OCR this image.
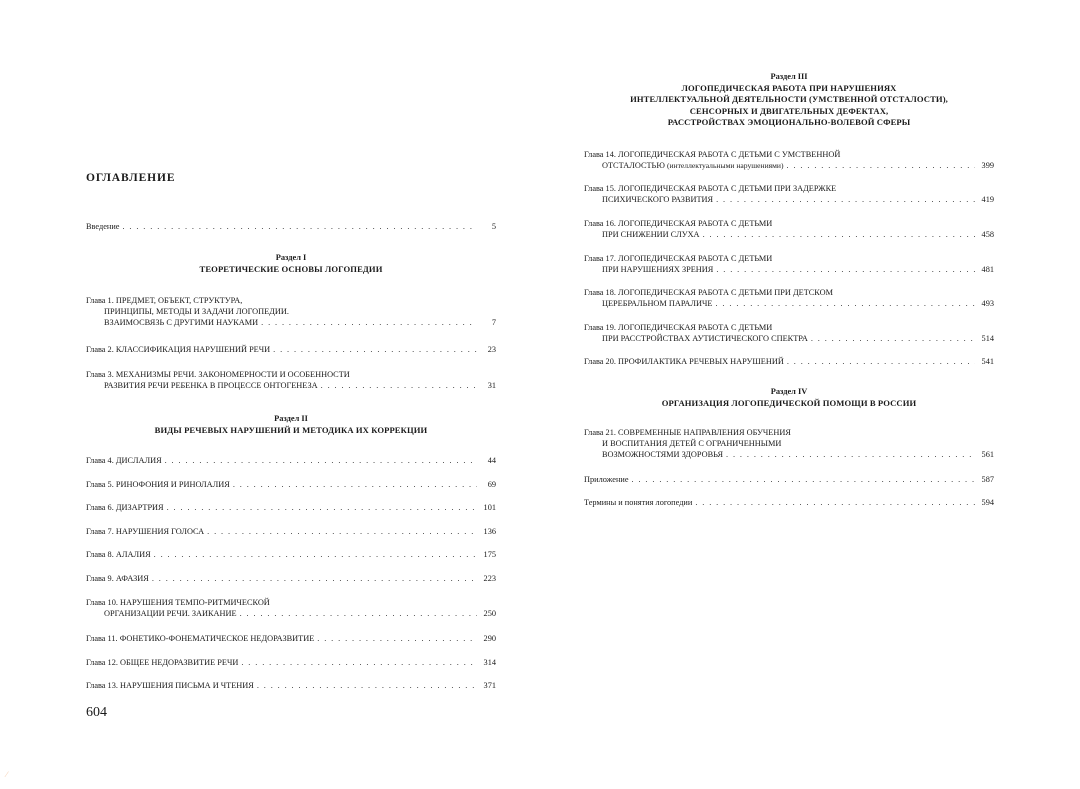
ОГЛАВЛЕНИЕ
Введение . . .	5
Раздел I
ТЕОРЕТИЧЕСКИЕ ОСНОВЫ ЛОГОПЕДИИ
Глава 1. ПРЕДМЕТ, ОБЪЕКТ, СТРУКТУРА,
ПРИНЦИПЫ, МЕТОДЫ И ЗАДАЧИ ЛОГОПЕДИИ.
ВЗАИМОСВЯЗЬ С ДРУГИМИ НАУКАМИ . . .	7
Глава 2. КЛАССИФИКАЦИЯ НАРУШЕНИЙ РЕЧИ . . .	23
Глава 3. МЕХАНИЗМЫ РЕЧИ. ЗАКОНОМЕРНОСТИ И ОСОБЕННОСТИ
РАЗВИТИЯ РЕЧИ РЕБЕНКА В ПРОЦЕССЕ ОНТОГЕНЕЗА . . .	31
Раздел II
ВИДЫ РЕЧЕВЫХ НАРУШЕНИЙ И МЕТОДИКА ИХ КОРРЕКЦИИ
Глава 4. ДИСЛАЛИЯ . . .	44
Глава 5. РИНОФОНИЯ И РИНОЛАЛИЯ . . .	69
Глава 6. ДИЗАРТРИЯ . . .	101
Глава 7. НАРУШЕНИЯ ГОЛОСА . . .	136
Глава 8. АЛАЛИЯ . . .	175
Глава 9. АФАЗИЯ . . .	223
Глава 10. НАРУШЕНИЯ ТЕМПО-РИТМИЧЕСКОЙ
ОРГАНИЗАЦИИ РЕЧИ. ЗАИКАНИЕ . . .	250
Глава 11. ФОНЕТИКО-ФОНЕМАТИЧЕСКОЕ НЕДОРАЗВИТИЕ . . .	290
Глава 12. ОБЩЕЕ НЕДОРАЗВИТИЕ РЕЧИ . . .	314
Глава 13. НАРУШЕНИЯ ПИСЬМА И ЧТЕНИЯ . . .	371
604
Раздел III
ЛОГОПЕДИЧЕСКАЯ РАБОТА ПРИ НАРУШЕНИЯХ
ИНТЕЛЛЕКТУАЛЬНОЙ ДЕЯТЕЛЬНОСТИ (УМСТВЕННОЙ ОТСТАЛОСТИ),
СЕНСОРНЫХ И ДВИГАТЕЛЬНЫХ ДЕФЕКТАХ,
РАССТРОЙСТВАХ ЭМОЦИОНАЛЬНО-ВОЛЕВОЙ СФЕРЫ
Глава 14. ЛОГОПЕДИЧЕСКАЯ РАБОТА С ДЕТЬМИ С УМСТВЕННОЙ
ОТСТАЛОСТЬЮ
(интеллектуальными нарушениями) . . .	399
Глава 15. ЛОГОПЕДИЧЕСКАЯ РАБОТА С ДЕТЬМИ ПРИ ЗАДЕРЖКЕ
ПСИХИЧЕСКОГО РАЗВИТИЯ . . .	419
Глава 16. ЛОГОПЕДИЧЕСКАЯ РАБОТА С ДЕТЬМИ
ПРИ СНИЖЕНИИ СЛУХА . . .	458
Глава 17. ЛОГОПЕДИЧЕСКАЯ РАБОТА С ДЕТЬМИ
ПРИ НАРУШЕНИЯХ ЗРЕНИЯ . . .	481
Глава 18. ЛОГОПЕДИЧЕСКАЯ РАБОТА С ДЕТЬМИ ПРИ ДЕТСКОМ
ЦЕРЕБРАЛЬНОМ ПАРАЛИЧЕ . . .	493
Глава 19. ЛОГОПЕДИЧЕСКАЯ РАБОТА С ДЕТЬМИ
ПРИ РАССТРОЙСТВАХ АУТИСТИЧЕСКОГО СПЕКТРА . . .	514
Глава 20. ПРОФИЛАКТИКА РЕЧЕВЫХ НАРУШЕНИЙ . . .	541
Раздел IV
ОРГАНИЗАЦИЯ ЛОГОПЕДИЧЕСКОЙ ПОМОЩИ В РОССИИ
Глава 21. СОВРЕМЕННЫЕ НАПРАВЛЕНИЯ ОБУЧЕНИЯ
И ВОСПИТАНИЯ ДЕТЕЙ С ОГРАНИЧЕННЫМИ
ВОЗМОЖНОСТЯМИ ЗДОРОВЬЯ . . .	561
Приложение . . .	587
Термины и понятия логопедии . . .	594
⁄
